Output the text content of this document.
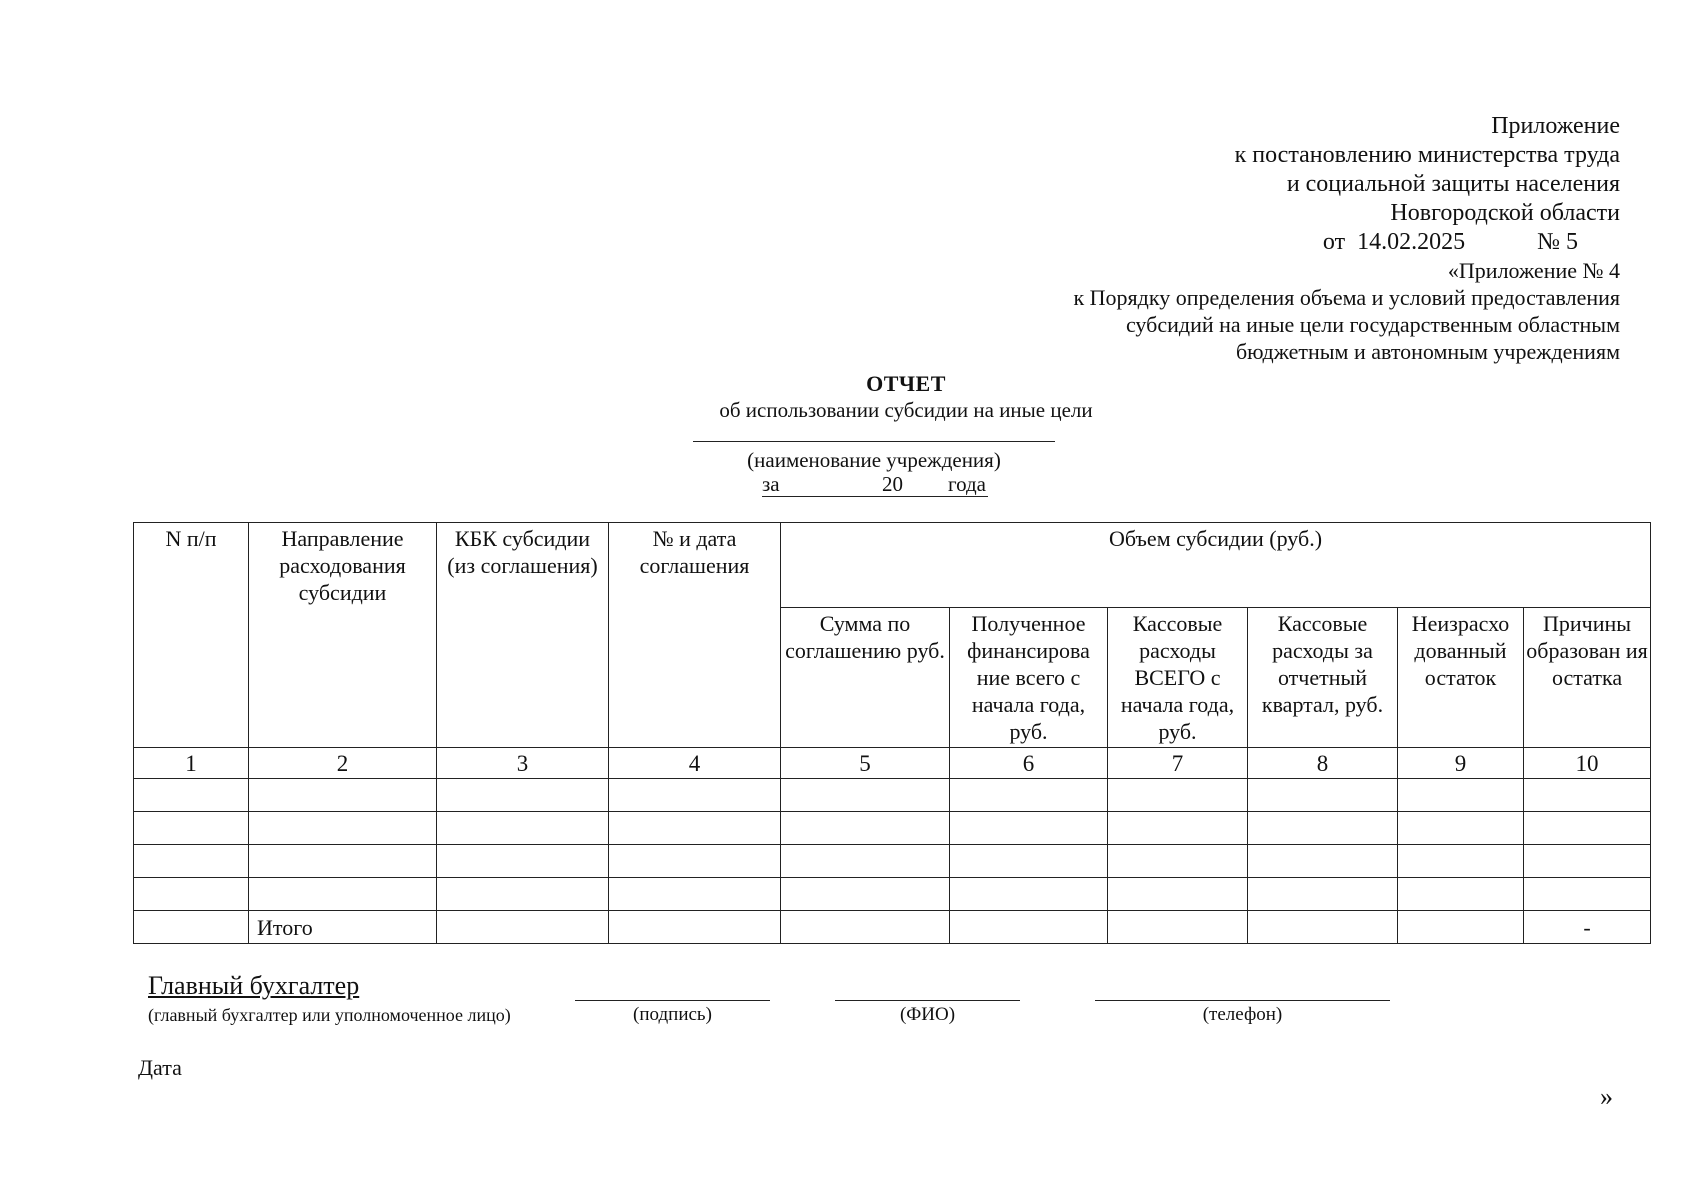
Приложение
к постановлению министерства труда
и социальной защиты населения
Новгородской области
от 14.02.2025	№ 5
«Приложение № 4
к Порядку определения объема и условий предоставления
субсидий на иные цели государственным областным
бюджетным и автономным учреждениям
ОТЧЕТ
об использовании субсидии на иные цели
(наименование учреждения)
за	20 года
N п/п	Направление расходования субсидии	КБК субсидии (из соглашения)	№ и дата соглашения	Объем субсидии (руб.)					
				Сумма по соглашению руб.	Полученное финансирова ние всего с начала года, руб.	Кассовые расходы ВСЕГО с начала года, руб.	Кассовые расходы за отчетный квартал, руб.	Неизрасхо дованный остаток	Причины образован ия остатка
1	2	3	4	5	6	7	8	9	10

	Итого								-
Главный бухгалтер
(главный бухгалтер или уполномоченное лицо)	(подпись)	(ФИО)	(телефон)
Дата
»
